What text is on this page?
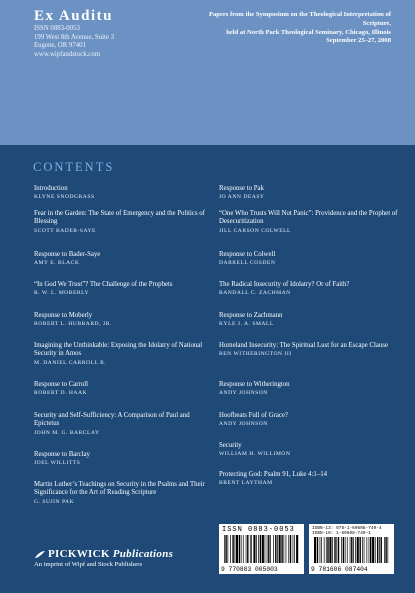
Ex Auditu
ISSN 0883-0053
199 West 8th Avenue, Suite 3
Eugene, OR 97401
www.wipfandstock.com
Papers from the Symposium on the Theological Interpretation of Scripture,
held at North Park Theological Seminary, Chicago, Illinois
September 25–27, 2008
CONTENTS
Introduction
KLYNE SNODGRASS
Fear in the Garden: The State of Emergency and the Politics of Blessing
SCOTT BADER-SAYE
Response to Bader-Saye
AMY E. BLACK
“In God We Trust”? The Challenge of the Prophets
R. W. L. MOBERLY
Response to Moberly
ROBERT L. HUBBARD, JR.
Imagining the Unthinkable: Exposing the Idolatry of National Security in Amos
M. DANIEL CARROLL R.
Response to Carroll
ROBERT D. HAAK
Security and Self-Sufficiency: A Comparison of Paul and Epictetus
JOHN M. G. BARCLAY
Response to Barclay
JOEL WILLITTS
Martin Luther’s Teachings on Security in the Psalms and Their Significance for the Art of Reading Scripture
G. SUJIN PAK
Response to Pak
JO ANN DEASY
“One Who Trusts Will Not Panic”: Providence and the Prophet of Desecuritization
JILL CARSON COLWELL
Response to Colwell
DARRELL COSDEN
The Radical Insecurity of Idolatry? Or of Faith?
RANDALL C. ZACHMAN
Response to Zachmann
KYLE J. A. SMALL
Homeland Insecurity: The Spiritual Lust for an Escape Clause
BEN WITHERINGTON III
Response to Witherington
ANDY JOHNSON
Hoofbeats Full of Grace?
ANDY JOHNSON
Security
WILLIAM H. WILLIMON
Protecting God: Psalm 91, Luke 4:1–14
BRENT LAYTHAM
ISSN 0883-0053
9 770883 005003
ISBN-13: 978-1-60608-740-4
ISBN-10: 1-60608-740-1
9 781606 087404
PICKWICK Publications
An imprint of Wipf and Stock Publishers
